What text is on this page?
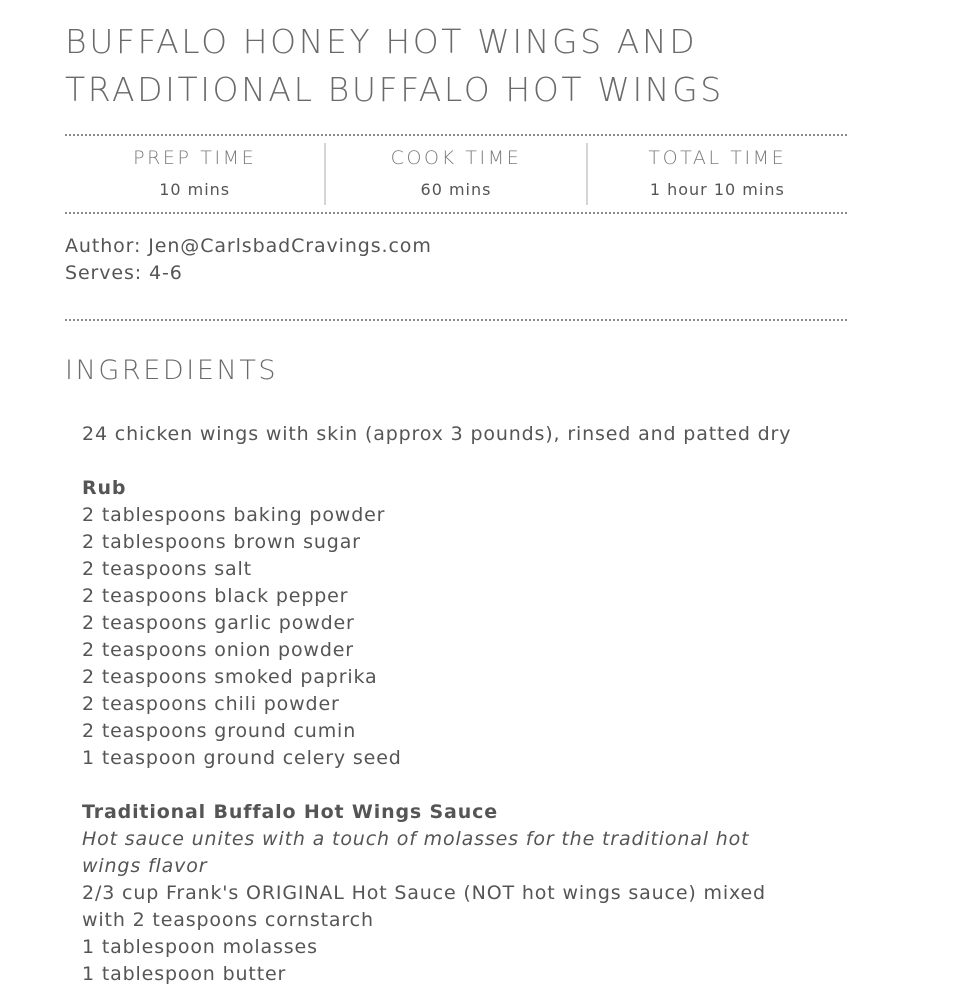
BUFFALO HONEY HOT WINGS AND
TRADITIONAL BUFFALO HOT WINGS
PREP TIME
10 mins
COOK TIME
60 mins
TOTAL TIME
1 hour 10 mins
Author: Jen@CarlsbadCravings.com
Serves: 4-6
INGREDIENTS
24 chicken wings with skin (approx 3 pounds), rinsed and patted dry
Rub
2 tablespoons baking powder
2 tablespoons brown sugar
2 teaspoons salt
2 teaspoons black pepper
2 teaspoons garlic powder
2 teaspoons onion powder
2 teaspoons smoked paprika
2 teaspoons chili powder
2 teaspoons ground cumin
1 teaspoon ground celery seed
Traditional Buffalo Hot Wings Sauce
Hot sauce unites with a touch of molasses for the traditional hot
wings flavor
2/3 cup Frank's ORIGINAL Hot Sauce (NOT hot wings sauce) mixed
with 2 teaspoons cornstarch
1 tablespoon molasses
1 tablespoon butter
